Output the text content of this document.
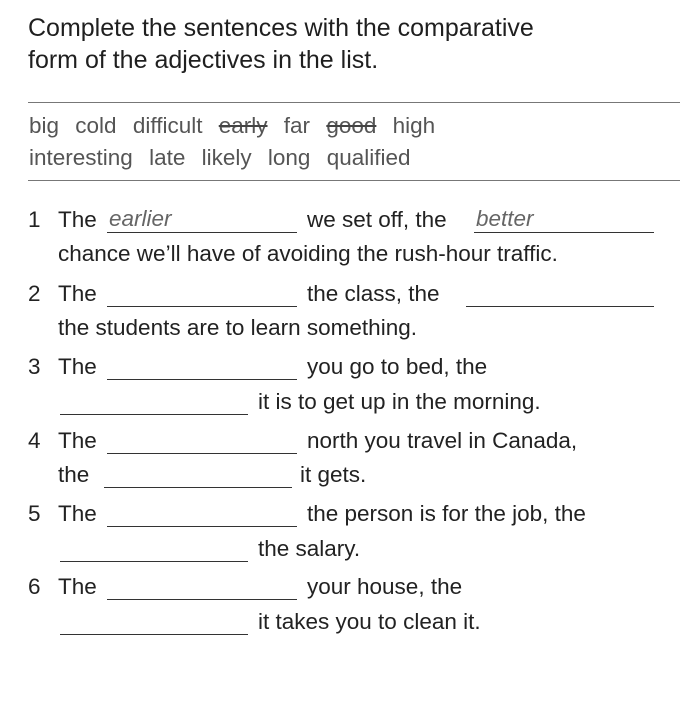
Complete the sentences with the comparative
form of the adjectives in the list.
big cold difficult early far good high
interesting late likely long qualified
1 The earlier	we set off, the better
chance we’ll have of avoiding the rush-hour traffic.
2 The	the class, the
the students are to learn something.
3 The	you go to bed, the
it is to get up in the morning.
4 The	north you travel in Canada,
the	it gets.
5 The	the person is for the job, the
the salary.
6 The	your house, the
it takes you to clean it.
